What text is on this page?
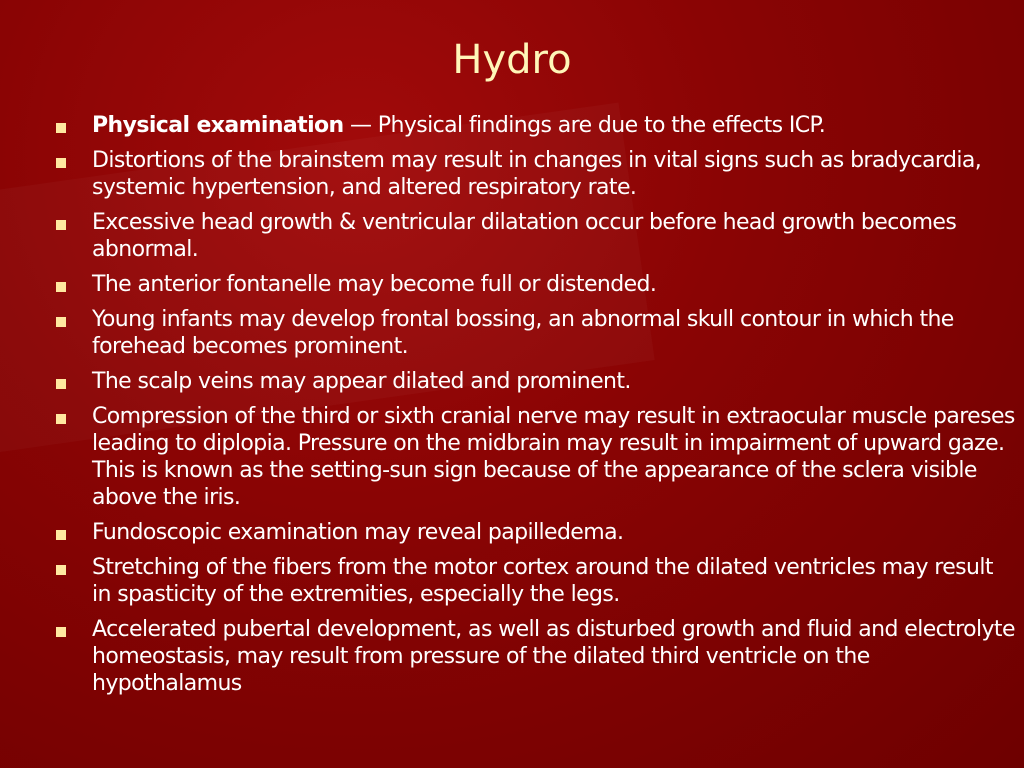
Hydro
Physical examination — Physical findings are due to the effects ICP.
Distortions of the brainstem may result in changes in vital signs such as bradycardia, systemic hypertension, and altered respiratory rate.
Excessive head growth & ventricular dilatation occur before head growth becomes abnormal.
The anterior fontanelle may become full or distended.
Young infants may develop frontal bossing, an abnormal skull contour in which the forehead becomes prominent.
The scalp veins may appear dilated and prominent.
Compression of the third or sixth cranial nerve may result in extraocular muscle pareses leading to diplopia. Pressure on the midbrain may result in impairment of upward gaze. This is known as the setting-sun sign because of the appearance of the sclera visible above the iris.
Fundoscopic examination may reveal papilledema.
Stretching of the fibers from the motor cortex around the dilated ventricles may result in spasticity of the extremities, especially the legs.
Accelerated pubertal development, as well as disturbed growth and fluid and electrolyte homeostasis, may result from pressure of the dilated third ventricle on the hypothalamus
